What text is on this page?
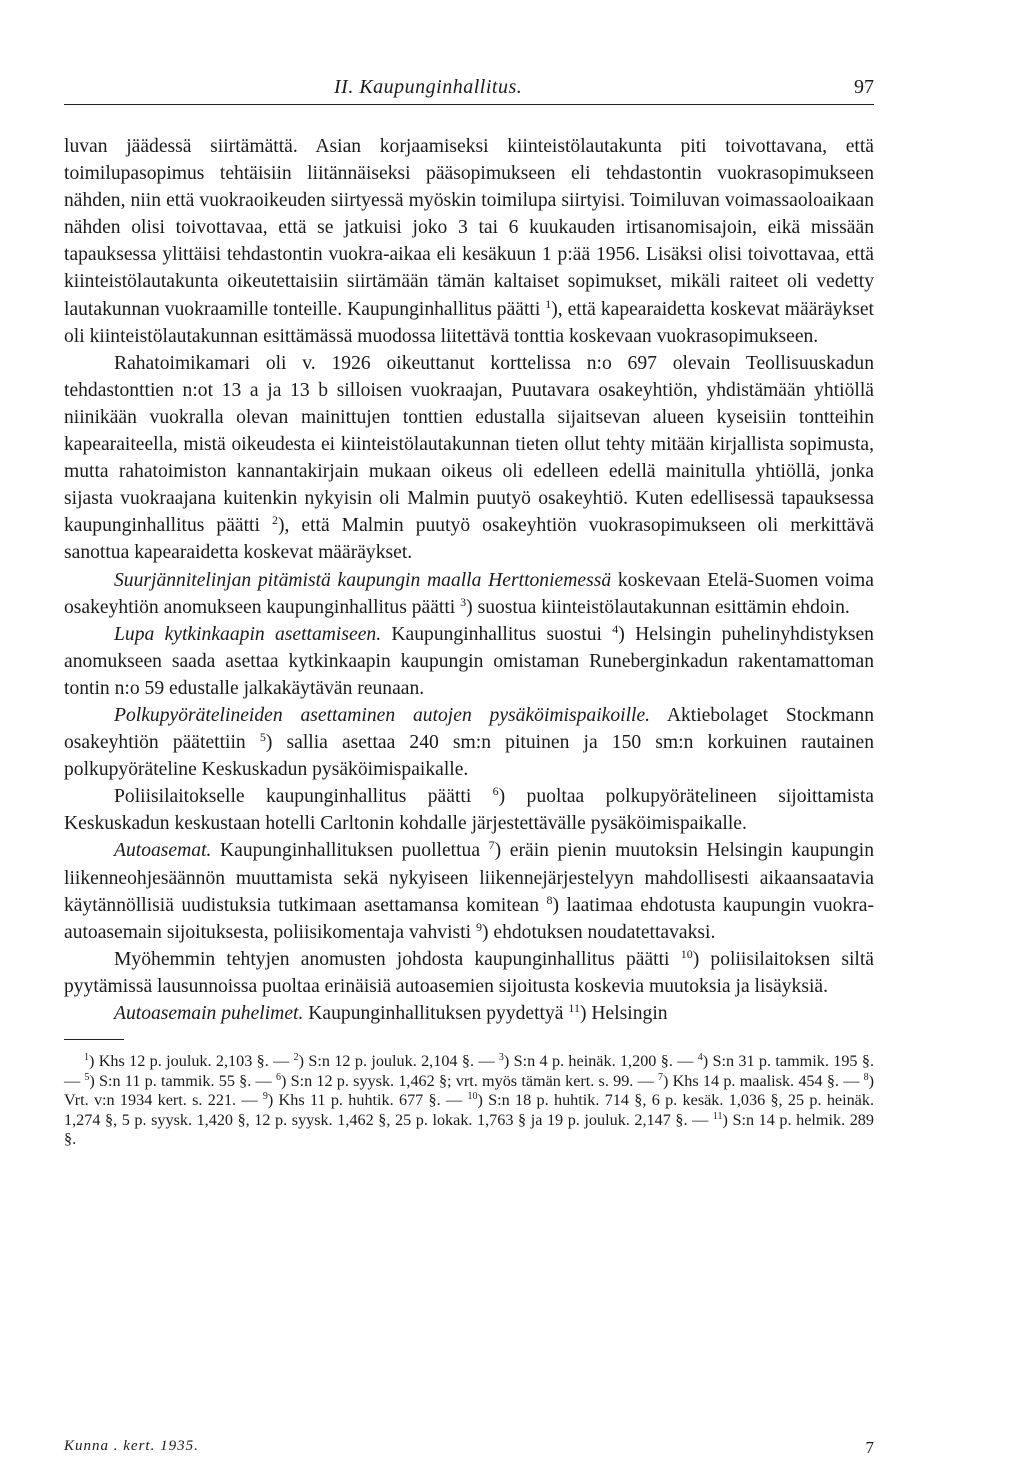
II. Kaupunginhallitus.	97

luvan jäädessä siirtämättä. Asian korjaamiseksi kiinteistölautakunta piti toivottavana, että toimilupasopimus tehtäisiin liitännäiseksi pääsopimukseen eli tehdastontin vuokrasopimukseen nähden, niin että vuokraoikeuden siirtyessä myöskin toimilupa siirtyisi. Toimiluvan voimassaoloaikaan nähden olisi toivottavaa, että se jatkuisi joko 3 tai 6 kuukauden irtisanomisajoin, eikä missään tapauksessa ylittäisi tehdastontin vuokra-aikaa eli kesäkuun 1 p:ää 1956. Lisäksi olisi toivottavaa, että kiinteistölautakunta oikeutettaisiin siirtämään tämän kaltaiset sopimukset, mikäli raiteet oli vedetty lautakunnan vuokraamille tonteille. Kaupunginhallitus päätti $^1$), että kapearaidetta koskevat määräykset oli kiinteistölautakunnan esittämässä muodossa liitettävä tonttia koskevaan vuokrasopimukseen.

Rahatoimikamari oli v. 1926 oikeuttanut korttelissa n:o 697 olevain Teollisuuskadun tehdastonttien n:ot 13 a ja 13 b silloisen vuokraajan, Puutavara osakeyhtiön, yhdistämään yhtiöllä niinikään vuokralla olevan mainittujen tonttien edustalla sijaitsevan alueen kyseisiin tontteihin kapearaiteella, mistä oikeudesta ei kiinteistölautakunnan tieten ollut tehty mitään kirjallista sopimusta, mutta rahatoimiston kannantakirjain mukaan oikeus oli edelleen edellä mainitulla yhtiöllä, jonka sijasta vuokraajana kuitenkin nykyisin oli Malmin puutyö osakeyhtiö. Kuten edellisessä tapauksessa kaupunginhallitus päätti $^2$), että Malmin puutyö osakeyhtiön vuokrasopimukseen oli merkittävä sanottua kapearaidetta koskevat määräykset.

Suurjännitelinjan pitämistä kaupungin maalla Herttoniemessä koskevaan Etelä-Suomen voima osakeyhtiön anomukseen kaupunginhallitus päätti $^3$) suostua kiinteistölautakunnan esittämin ehdoin.

Lupa kytkinkaapin asettamiseen. Kaupunginhallitus suostui $^4$) Helsingin puhelinyhdistyksen anomukseen saada asettaa kytkinkaapin kaupungin omistaman Runeberginkadun rakentamattoman tontin n:o 59 edustalle jalkakäytävän reunaan.

Polkupyörätelineiden asettaminen autojen pysäköimispaikoille. Aktiebolaget Stockmann osakeyhtiön päätettiin $^5$) sallia asettaa 240 sm:n pituinen ja 150 sm:n korkuinen rautainen polkupyöräteline Keskuskadun pysäköimispaikalle.

Poliisilaitokselle kaupunginhallitus päätti $^6$) puoltaa polkupyörätelineen sijoittamista Keskuskadun keskustaan hotelli Carltonin kohdalle järjestettävälle pysäköimispaikalle.

Autoasemat. Kaupunginhallituksen puollettua $^7$) eräin pienin muutoksin Helsingin kaupungin liikenneohjesäännön muuttamista sekä nykyiseen liikennejärjestelyyn mahdollisesti aikaansaatavia käytännöllisiä uudistuksia tutkimaan asettamansa komitean $^8$) laatimaa ehdotusta kaupungin vuokra-autoasemain sijoituksesta, poliisikomentaja vahvisti $^9$) ehdotuksen noudatettavaksi.

Myöhemmin tehtyjen anomusten johdosta kaupunginhallitus päätti $^{10}$) poliisilaitoksen siltä pyytämissä lausunnoissa puoltaa erinäisiä autoasemien sijoitusta koskevia muutoksia ja lisäyksiä.

Autoasemain puhelimet. Kaupunginhallituksen pyydettyä $^{11}$) Helsingin

$^1$) Khs 12 p. jouluk. 2,103 §. — $^2$) S:n 12 p. jouluk. 2,104 §. — $^3$) S:n 4 p. heinäk. 1,200 §. — $^4$) S:n 31 p. tammik. 195 §. — $^5$) S:n 11 p. tammik. 55 §. — $^6$) S:n 12 p. syysk. 1,462 §; vrt. myös tämän kert. s. 99. — $^7$) Khs 14 p. maalisk. 454 §. — $^8$) Vrt. v:n 1934 kert. s. 221. — $^9$) Khs 11 p. huhtik. 677 §. — $^{10}$) S:n 18 p. huhtik. 714 §, 6 p. kesäk. 1,036 §, 25 p. heinäk. 1,274 §, 5 p. syysk. 1,420 §, 12 p. syysk. 1,462 §, 25 p. lokak. 1,763 § ja 19 p. jouluk. 2,147 §. — $^{11}$) S:n 14 p. helmik. 289 §.
Kunna . kert. 1935.	7
